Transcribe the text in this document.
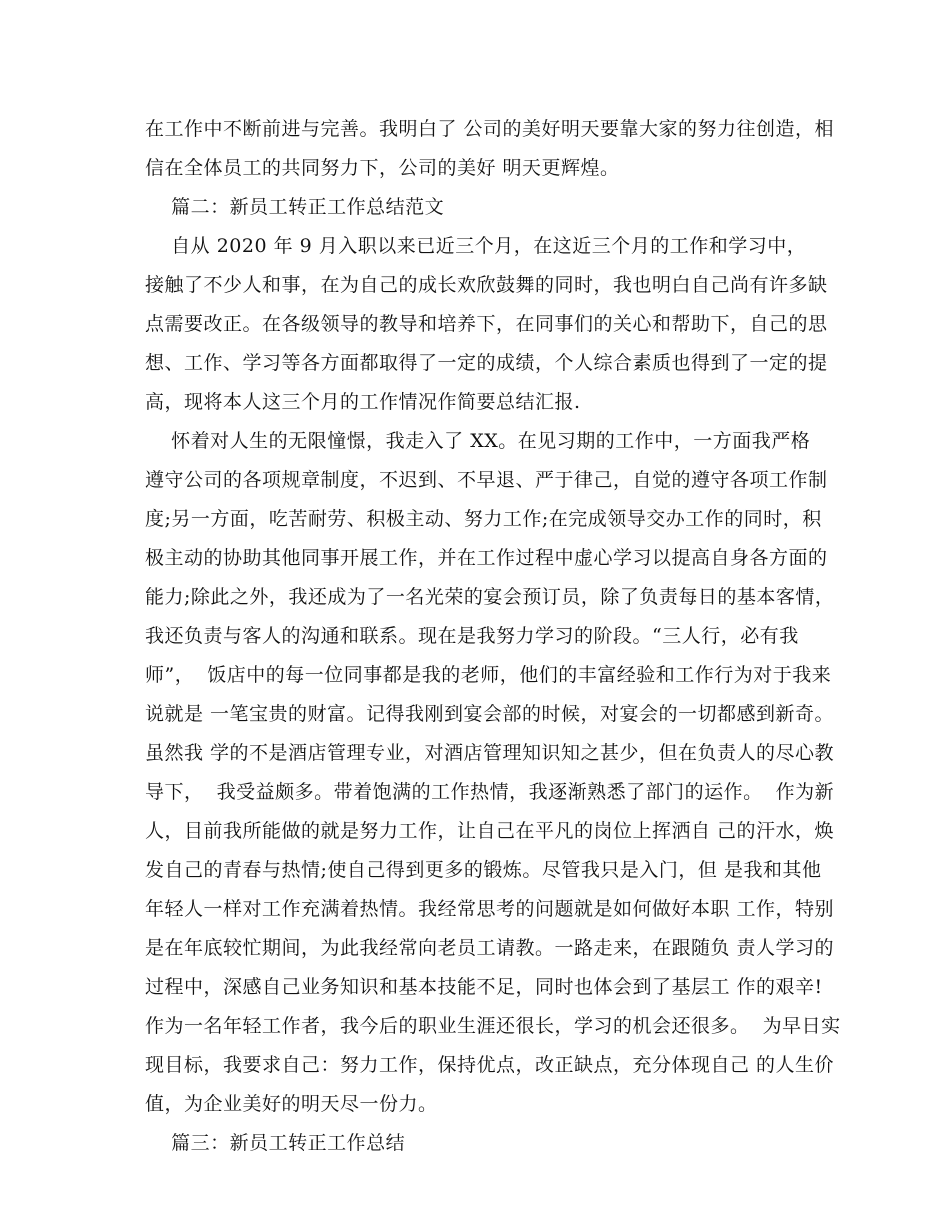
在工作中不断前进与完善。我明白了 公司的美好明天要靠大家的努力往创造，相
信在全体员工的共同努力下，公司的美好 明天更辉煌。
篇二：新员工转正工作总结范文
自从 2020 年 9 月入职以来已近三个月，在这近三个月的工作和学习中，
接触了不少人和事，在为自己的成长欢欣鼓舞的同时，我也明白自己尚有许多缺
点需要改正。在各级领导的教导和培养下，在同事们的关心和帮助下，自己的思
想、工作、学习等各方面都取得了一定的成绩，个人综合素质也得到了一定的提
高，现将本人这三个月的工作情况作简要总结汇报.
怀着对人生的无限憧憬，我走入了 XX。在见习期的工作中，一方面我严格
遵守公司的各项规章制度，不迟到、不早退、严于律己，自觉的遵守各项工作制
度;另一方面，吃苦耐劳、积极主动、努力工作;在完成领导交办工作的同时，积
极主动的协助其他同事开展工作，并在工作过程中虚心学习以提高自身各方面的
能力;除此之外，我还成为了一名光荣的宴会预订员，除了负责每日的基本客情，
我还负责与客人的沟通和联系。现在是我努力学习的阶段。“三人行，必有我
师”，  饭店中的每一位同事都是我的老师，他们的丰富经验和工作行为对于我来
说就是 一笔宝贵的财富。记得我刚到宴会部的时候，对宴会的一切都感到新奇。
虽然我 学的不是酒店管理专业，对酒店管理知识知之甚少，但在负责人的尽心教
导下，  我受益颇多。带着饱满的工作热情，我逐渐熟悉了部门的运作。  作为新
人，目前我所能做的就是努力工作，让自己在平凡的岗位上挥洒自 己的汗水，焕
发自己的青春与热情;使自己得到更多的锻炼。尽管我只是入门，但 是我和其他
年轻人一样对工作充满着热情。我经常思考的问题就是如何做好本职 工作，特别
是在年底较忙期间，为此我经常向老员工请教。一路走来，在跟随负 责人学习的
过程中，深感自己业务知识和基本技能不足，同时也体会到了基层工 作的艰辛!
作为一名年轻工作者，我今后的职业生涯还很长，学习的机会还很多。  为早日实
现目标，我要求自己：努力工作，保持优点，改正缺点，充分体现自己 的人生价
值，为企业美好的明天尽一份力。
篇三：新员工转正工作总结
